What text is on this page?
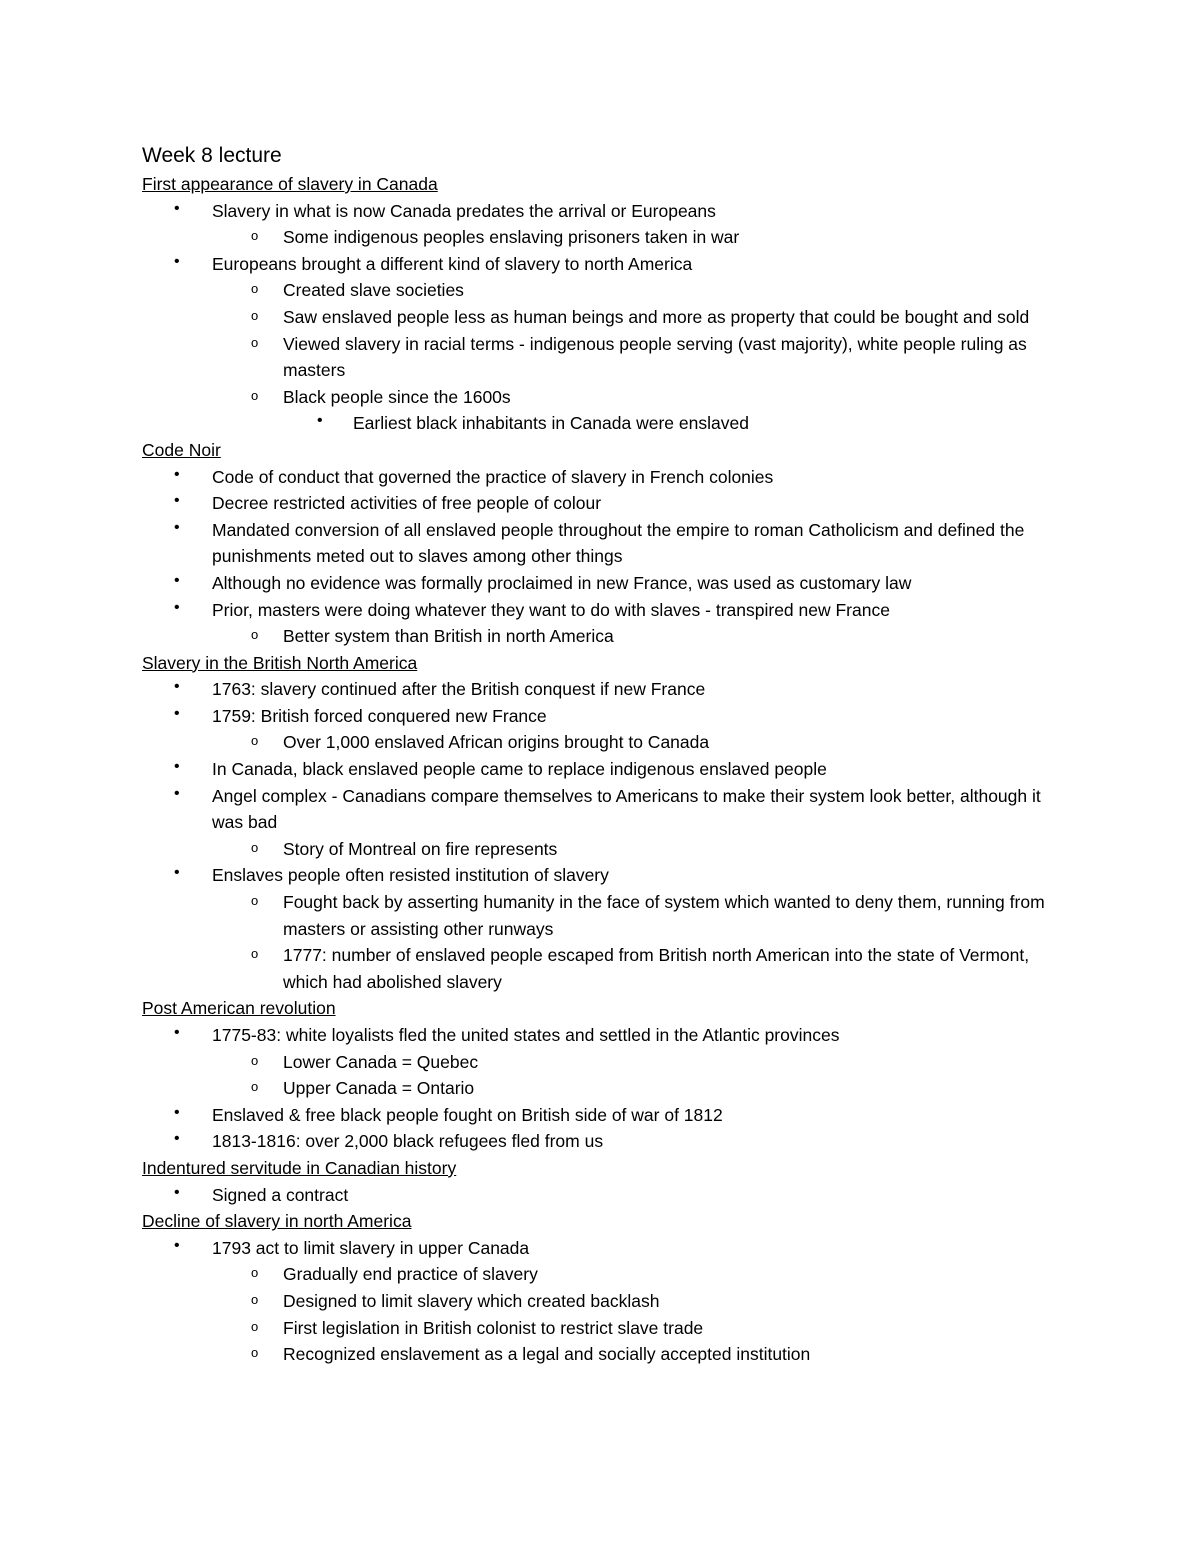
Week 8 lecture
First appearance of slavery in Canada
• Slavery in what is now Canada predates the arrival or Europeans
o Some indigenous peoples enslaving prisoners taken in war
• Europeans brought a different kind of slavery to north America
o Created slave societies
o Saw enslaved people less as human beings and more as property that could be bought and sold
o Viewed slavery in racial terms - indigenous people serving (vast majority), white people ruling as masters
o Black people since the 1600s
• Earliest black inhabitants in Canada were enslaved
Code Noir
• Code of conduct that governed the practice of slavery in French colonies
• Decree restricted activities of free people of colour
• Mandated conversion of all enslaved people throughout the empire to roman Catholicism and defined the punishments meted out to slaves among other things
• Although no evidence was formally proclaimed in new France, was used as customary law
• Prior, masters were doing whatever they want to do with slaves - transpired new France
o Better system than British in north America
Slavery in the British North America
• 1763: slavery continued after the British conquest if new France
• 1759: British forced conquered new France
o Over 1,000 enslaved African origins brought to Canada
• In Canada, black enslaved people came to replace indigenous enslaved people
• Angel complex - Canadians compare themselves to Americans to make their system look better, although it was bad
o Story of Montreal on fire represents
• Enslaves people often resisted institution of slavery
o Fought back by asserting humanity in the face of system which wanted to deny them, running from masters or assisting other runways
o 1777: number of enslaved people escaped from British north American into the state of Vermont, which had abolished slavery
Post American revolution
• 1775-83: white loyalists fled the united states and settled in the Atlantic provinces
o Lower Canada = Quebec
o Upper Canada = Ontario
• Enslaved & free black people fought on British side of war of 1812
• 1813-1816: over 2,000 black refugees fled from us
Indentured servitude in Canadian history
• Signed a contract
Decline of slavery in north America
• 1793 act to limit slavery in upper Canada
o Gradually end practice of slavery
o Designed to limit slavery which created backlash
o First legislation in British colonist to restrict slave trade
o Recognized enslavement as a legal and socially accepted institution
